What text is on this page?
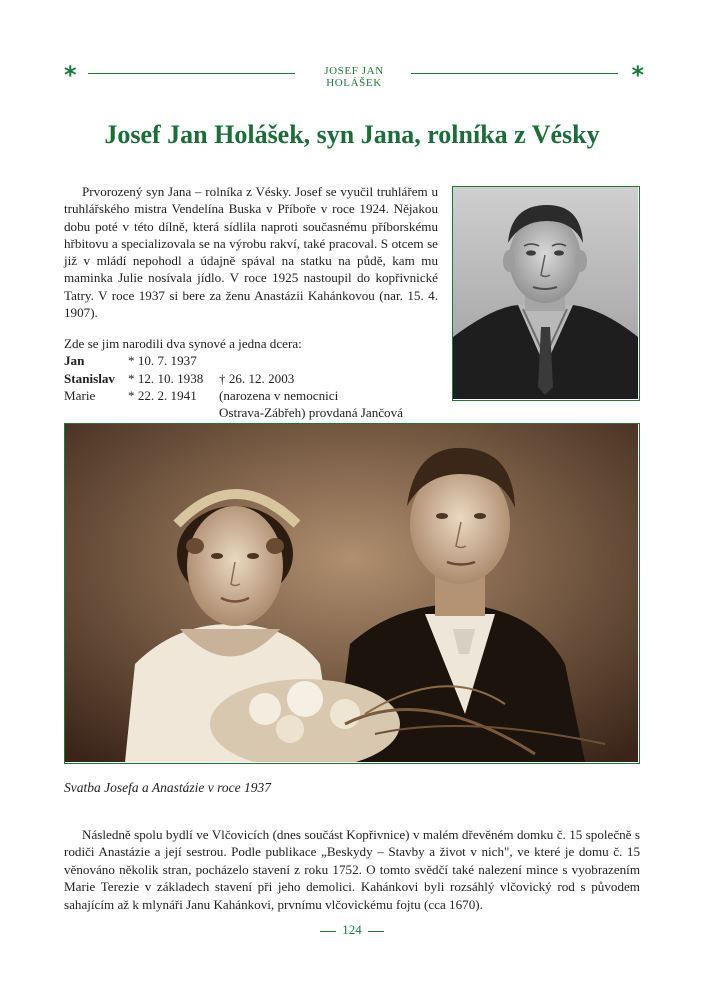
*	JOSEF JAN HOLÁŠEK	*
Josef Jan Holášek, syn Jana, rolníka z Vésky

Prvorozený syn Jana – rolníka z Vésky. Josef se vyučil truhlářem u truhlářského mistra Vendelína Buska v Příboře v roce 1924. Nějakou dobu poté v této dílně, která sídlila naproti současnému příborskému hřbitovu a specializovala se na výrobu rakví, také pracoval. S otcem se již v mládí nepohodl a údajně spával na statku na půdě, kam mu maminka Julie nosívala jídlo. V roce 1925 nastoupil do kopřivnické Tatry. V roce 1937 si bere za ženu Anastázii Kahánkovou (nar. 15. 4. 1907).

Zde se jim narodili dva synové a jedna dcera:
Jan	* 10. 7. 1937
Stanislav * 12. 10. 1938 † 26. 12. 2003
Marie * 22. 2. 1941 (narozena v nemocnici
Ostrava-Zábřeh) provdaná Jančová

Svatba Josefa a Anastázie v roce 1937

Následně spolu bydlí ve Vlčovicích (dnes součást Kopřivnice) v malém dřevěném domku č. 15 společně s rodiči Anastázie a její sestrou. Podle publikace „Beskydy – Stavby a život v nich", ve které je domu č. 15 věnováno několik stran, pocházelo stavení z roku 1752. O tomto svědčí také nalezení mince s vyobrazením Marie Terezie v základech stavení při jeho demolici. Kahánkovi byli rozsáhlý vlčovický rod s původem sahajícím až k mlynáři Janu Kahánkovi, prvnímu vlčovickému fojtu (cca 1670).

124
